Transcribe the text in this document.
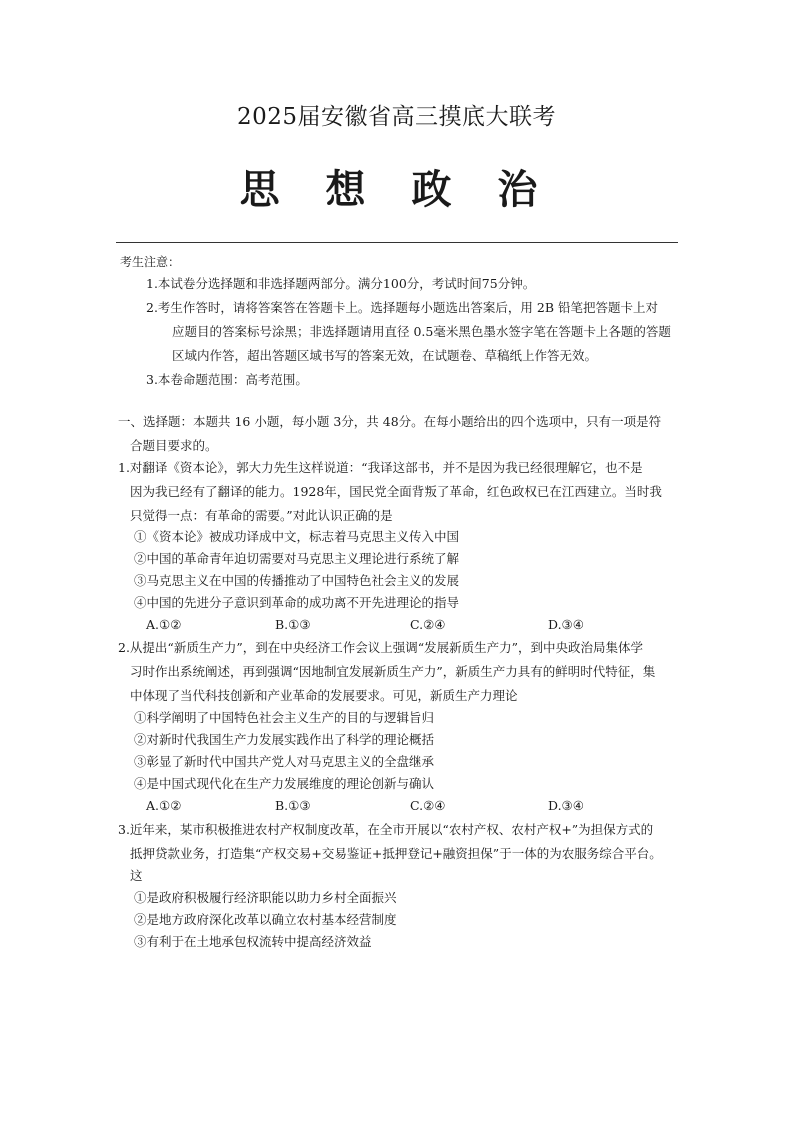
2025届安徽省高三摸底大联考
思 想 政 治
考生注意：
1.本试卷分选择题和非选择题两部分。满分100分，考试时间75分钟。
2.考生作答时，请将答案答在答题卡上。选择题每小题选出答案后，用 2B 铅笔把答题卡上对
应题目的答案标号涂黑；非选择题请用直径 0.5毫米黑色墨水签字笔在答题卡上各题的答题
区域内作答，超出答题区域书写的答案无效，在试题卷、草稿纸上作答无效。
3.本卷命题范围：高考范围。
一、选择题：本题共 16 小题，每小题 3分，共 48分。在每小题给出的四个选项中，只有一项是符
合题目要求的。
1.对翻译《资本论》，郭大力先生这样说道：“我译这部书，并不是因为我已经很理解它，也不是
因为我已经有了翻译的能力。1928年，国民党全面背叛了革命，红色政权已在江西建立。当时我
只觉得一点：有革命的需要。”对此认识正确的是
①《资本论》被成功译成中文，标志着马克思主义传入中国
②中国的革命青年迫切需要对马克思主义理论进行系统了解
③马克思主义在中国的传播推动了中国特色社会主义的发展
④中国的先进分子意识到革命的成功离不开先进理论的指导
A.①②	B.①③	C.②④	D.③④
2.从提出“新质生产力”，到在中央经济工作会议上强调“发展新质生产力”，到中央政治局集体学
习时作出系统阐述，再到强调“因地制宜发展新质生产力”，新质生产力具有的鲜明时代特征，集
中体现了当代科技创新和产业革命的发展要求。可见，新质生产力理论
①科学阐明了中国特色社会主义生产的目的与逻辑旨归
②对新时代我国生产力发展实践作出了科学的理论概括
③彰显了新时代中国共产党人对马克思主义的全盘继承
④是中国式现代化在生产力发展维度的理论创新与确认
A.①②	B.①③	C.②④	D.③④
3.近年来，某市积极推进农村产权制度改革，在全市开展以“农村产权、农村产权+”为担保方式的
抵押贷款业务，打造集“产权交易+交易鉴证+抵押登记+融资担保”于一体的为农服务综合平台。
这
①是政府积极履行经济职能以助力乡村全面振兴
②是地方政府深化改革以确立农村基本经营制度
③有利于在土地承包权流转中提高经济效益
